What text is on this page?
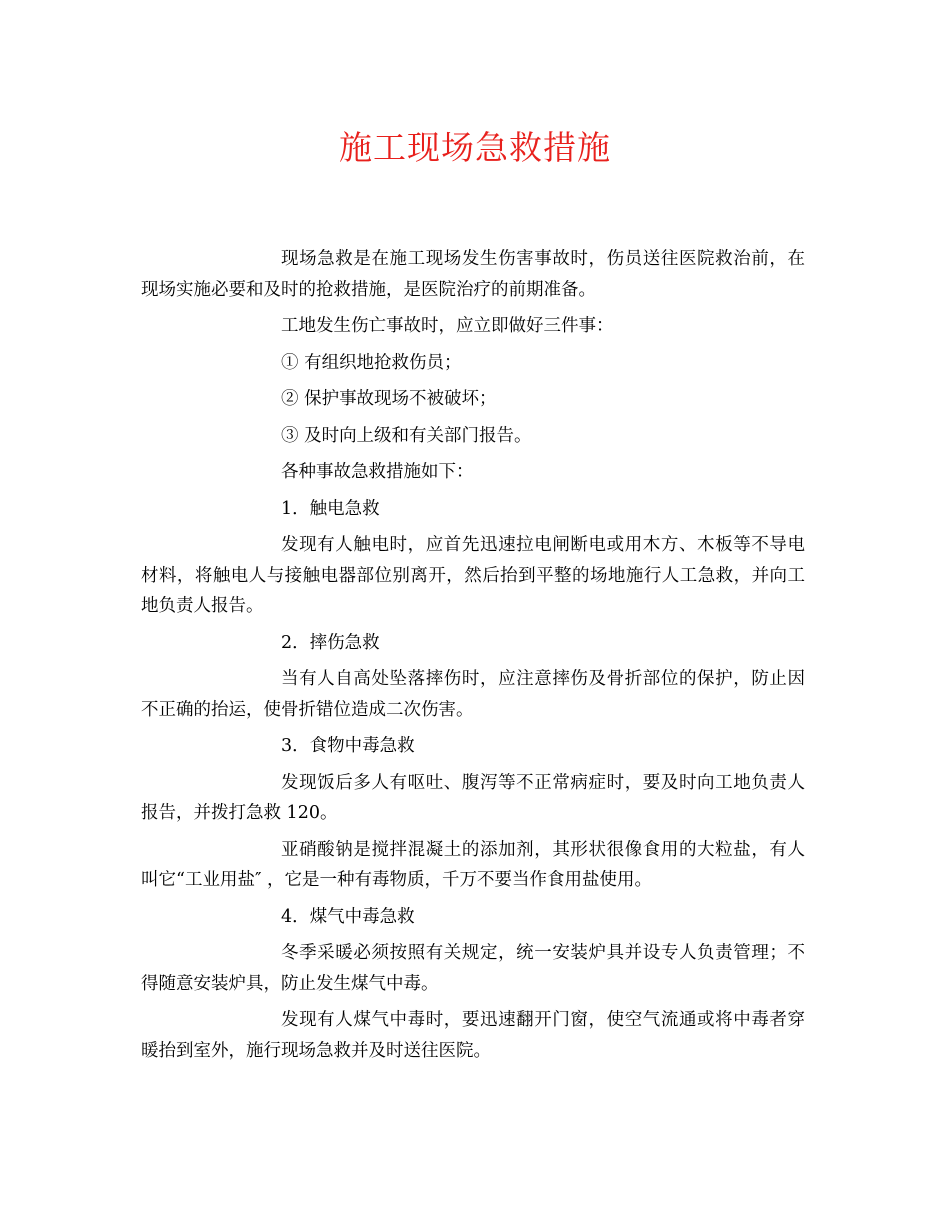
施工现场急救措施

现场急救是在施工现场发生伤害事故时，伤员送往医院救治前，在现场实施必要和及时的抢救措施，是医院治疗的前期准备。

工地发生伤亡事故时，应立即做好三件事：

① 有组织地抢救伤员；

② 保护事故现场不被破坏；

③ 及时向上级和有关部门报告。

各种事故急救措施如下：

1．触电急救

发现有人触电时，应首先迅速拉电闸断电或用木方、木板等不导电材料，将触电人与接触电器部位别离开，然后抬到平整的场地施行人工急救，并向工地负责人报告。

2．摔伤急救

当有人自高处坠落摔伤时，应注意摔伤及骨折部位的保护，防止因不正确的抬运，使骨折错位造成二次伤害。

3．食物中毒急救

发现饭后多人有呕吐、腹泻等不正常病症时，要及时向工地负责人报告，并拨打急救 120。

亚硝酸钠是搅拌混凝土的添加剂，其形状很像食用的大粒盐，有人叫它“工业用盐″ ，它是一种有毒物质，千万不要当作食用盐使用。

4．煤气中毒急救

冬季采暖必须按照有关规定，统一安装炉具并设专人负责管理；不得随意安装炉具，防止发生煤气中毒。

发现有人煤气中毒时，要迅速翻开门窗，使空气流通或将中毒者穿暖抬到室外，施行现场急救并及时送往医院。
